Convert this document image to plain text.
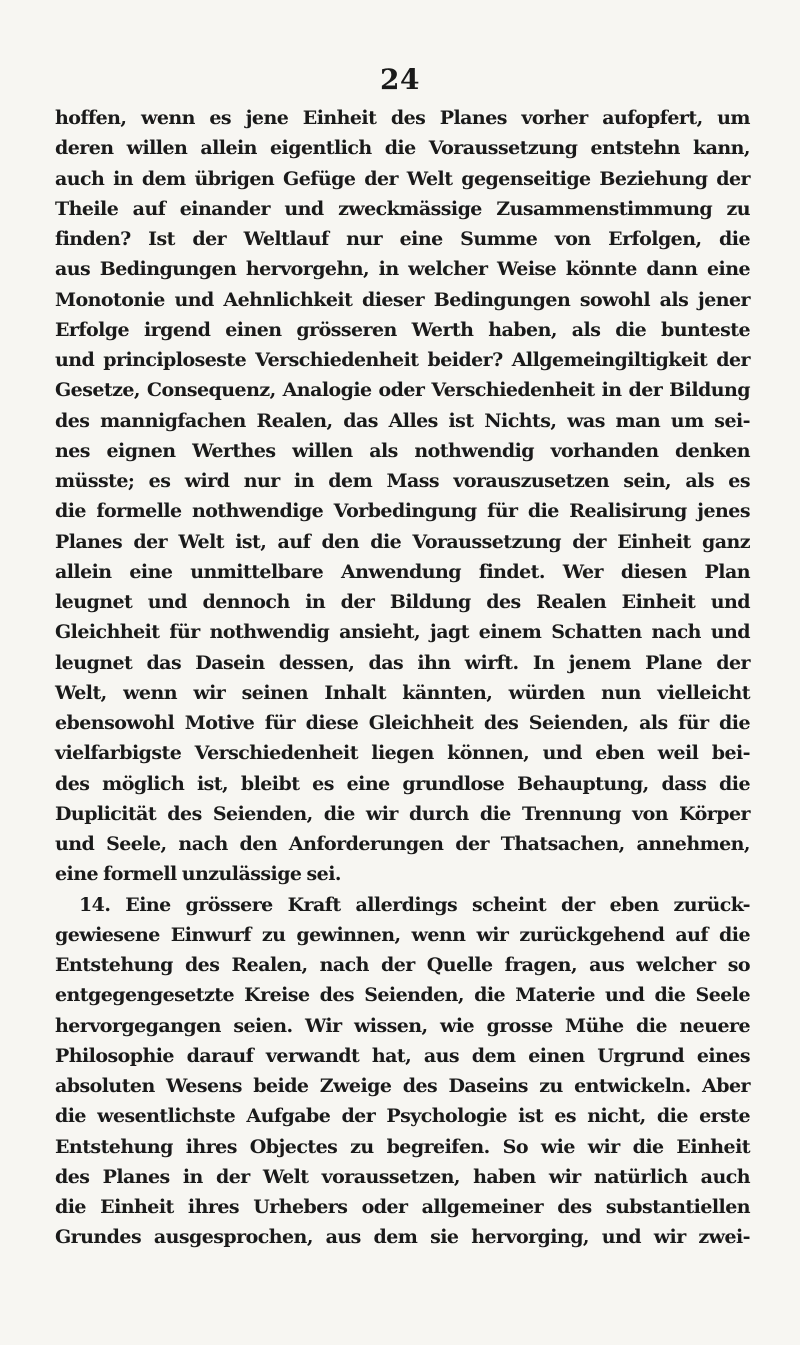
24
hoffen, wenn es jene Einheit des Planes vorher aufopfert, um
deren willen allein eigentlich die Voraussetzung entstehn kann,
auch in dem übrigen Gefüge der Welt gegenseitige Beziehung der
Theile auf einander und zweckmässige Zusammenstimmung zu
finden? Ist der Weltlauf nur eine Summe von Erfolgen, die
aus Bedingungen hervorgehn, in welcher Weise könnte dann eine
Monotonie und Aehnlichkeit dieser Bedingungen sowohl als jener
Erfolge irgend einen grösseren Werth haben, als die bunteste
und principloseste Verschiedenheit beider? Allgemeingiltigkeit der
Gesetze, Consequenz, Analogie oder Verschiedenheit in der Bildung
des mannigfachen Realen, das Alles ist Nichts, was man um sei-
nes eignen Werthes willen als nothwendig vorhanden denken
müsste; es wird nur in dem Mass vorauszusetzen sein, als es
die formelle nothwendige Vorbedingung für die Realisirung jenes
Planes der Welt ist, auf den die Voraussetzung der Einheit ganz
allein eine unmittelbare Anwendung findet. Wer diesen Plan
leugnet und dennoch in der Bildung des Realen Einheit und
Gleichheit für nothwendig ansieht, jagt einem Schatten nach und
leugnet das Dasein dessen, das ihn wirft. In jenem Plane der
Welt, wenn wir seinen Inhalt kännten, würden nun vielleicht
ebensowohl Motive für diese Gleichheit des Seienden, als für die
vielfarbigste Verschiedenheit liegen können, und eben weil bei-
des möglich ist, bleibt es eine grundlose Behauptung, dass die
Duplicität des Seienden, die wir durch die Trennung von Körper
und Seele, nach den Anforderungen der Thatsachen, annehmen,
eine formell unzulässige sei.
14. Eine grössere Kraft allerdings scheint der eben zurück-
gewiesene Einwurf zu gewinnen, wenn wir zurückgehend auf die
Entstehung des Realen, nach der Quelle fragen, aus welcher so
entgegengesetzte Kreise des Seienden, die Materie und die Seele
hervorgegangen seien. Wir wissen, wie grosse Mühe die neuere
Philosophie darauf verwandt hat, aus dem einen Urgrund eines
absoluten Wesens beide Zweige des Daseins zu entwickeln. Aber
die wesentlichste Aufgabe der Psychologie ist es nicht, die erste
Entstehung ihres Objectes zu begreifen. So wie wir die Einheit
des Planes in der Welt voraussetzen, haben wir natürlich auch
die Einheit ihres Urhebers oder allgemeiner des substantiellen
Grundes ausgesprochen, aus dem sie hervorging, und wir zwei-
